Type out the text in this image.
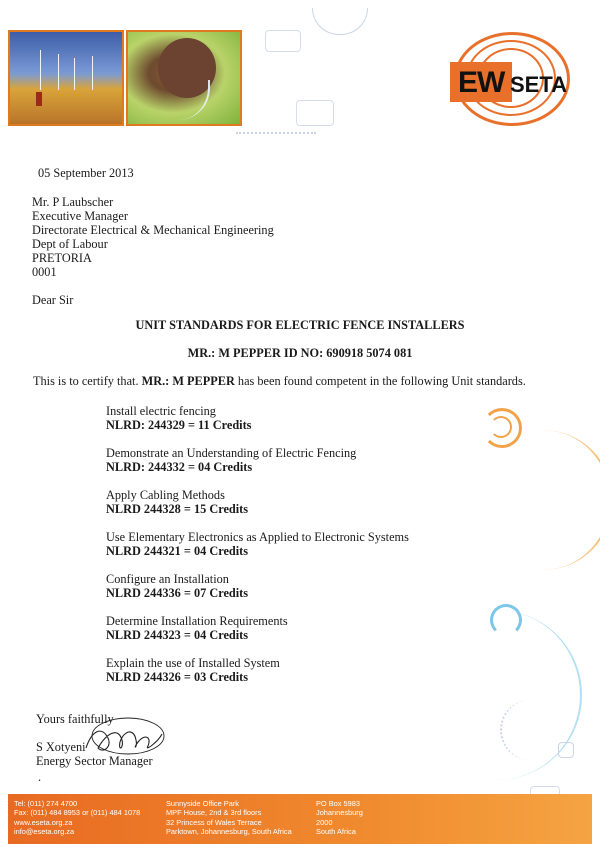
EW SETA
05 September 2013
Mr. P Laubscher
Executive Manager
Directorate Electrical & Mechanical Engineering
Dept of Labour
PRETORIA
0001
Dear Sir
UNIT STANDARDS FOR ELECTRIC FENCE INSTALLERS
MR.: M PEPPER ID NO: 690918 5074 081
This is to certify that. MR.: M PEPPER has been found competent in the following Unit standards.
Install electric fencing
NLRD: 244329 = 11 Credits
Demonstrate an Understanding of Electric Fencing
NLRD: 244332 = 04 Credits
Apply Cabling Methods
NLRD 244328 = 15 Credits
Use Elementary Electronics as Applied to Electronic Systems
NLRD 244321 = 04 Credits
Configure an Installation
NLRD 244336 = 07 Credits
Determine Installation Requirements
NLRD 244323 = 04 Credits
Explain the use of Installed System
NLRD 244326 = 03 Credits
Yours faithfully
S Xotyeni
Energy Sector Manager
.
Tel: (011) 274 4700
Fax: (011) 484 8953 or (011) 484 1078
www.eseta.org.za
info@eseta.org.za
Sunnyside Office Park
MPF House, 2nd & 3rd floors
32 Princess of Wales Terrace
Parktown, Johannesburg, South Africa
PO Box 5983
Johannesburg
2000
South Africa
